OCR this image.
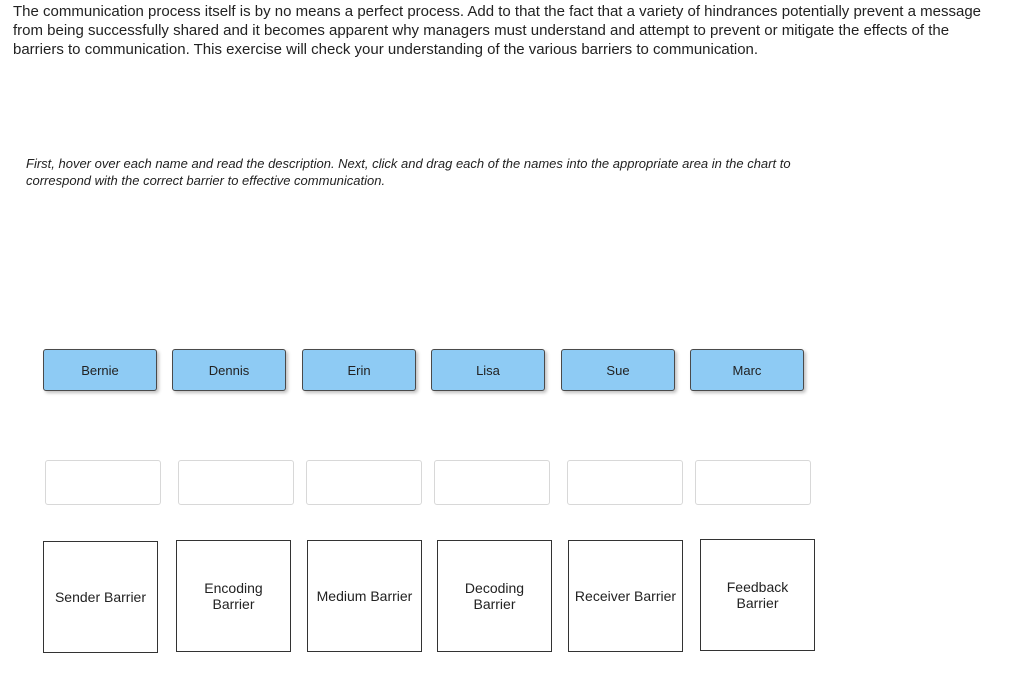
The communication process itself is by no means a perfect process. Add to that the fact that a variety of hindrances potentially prevent a message from being successfully shared and it becomes apparent why managers must understand and attempt to prevent or mitigate the effects of the barriers to communication. This exercise will check your understanding of the various barriers to communication.

First, hover over each name and read the description. Next, click and drag each of the names into the appropriate area in the chart to correspond with the correct barrier to effective communication.

Bernie	Dennis	Erin	Lisa	Sue	Marc
Sender Barrier
Encoding Barrier	Medium Barrier	Decoding Barrier	Receiver Barrier
Feedback Barrier
